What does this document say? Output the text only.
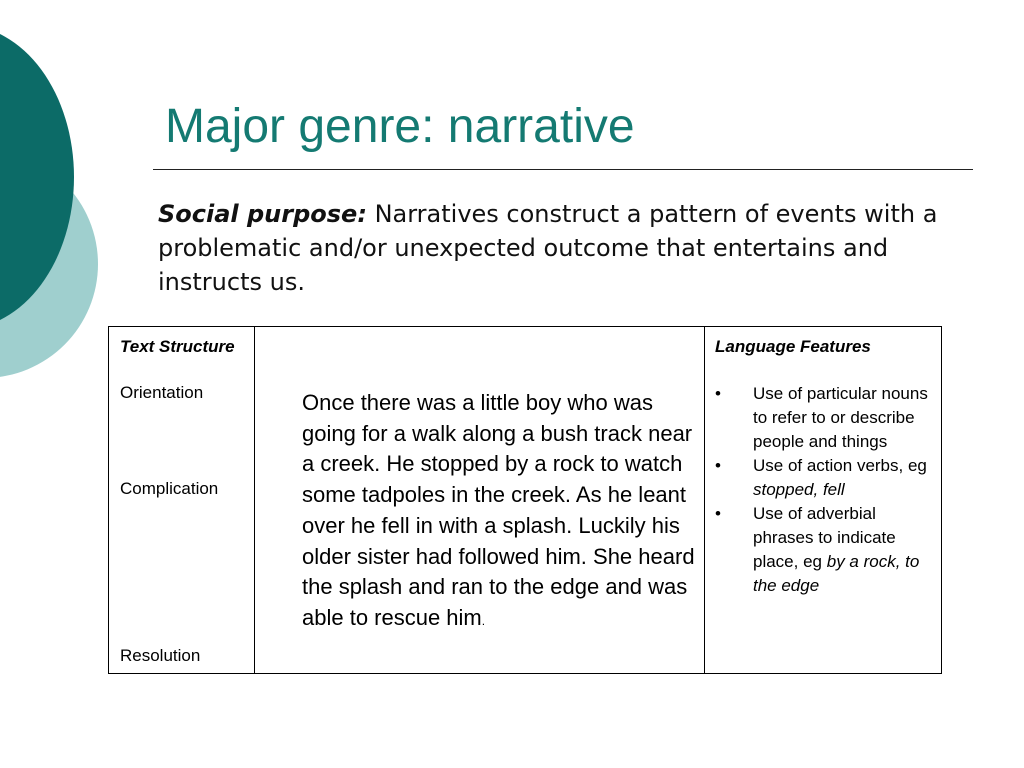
Major genre: narrative

Social purpose: Narratives construct a pattern of events with a problematic and/or unexpected outcome that entertains and instructs us.

Text Structure
Orientation
Complication
Resolution

Once there was a little boy who was going for a walk along a bush track near a creek. He stopped by a rock to watch some tadpoles in the creek. As he leant over he fell in with a splash. Luckily his older sister had followed him. She heard the splash and ran to the edge and was able to rescue him.

Language Features
• Use of particular nouns to refer to or describe people and things
• Use of action verbs, eg stopped, fell
• Use of adverbial phrases to indicate place, eg by a rock, to the edge
